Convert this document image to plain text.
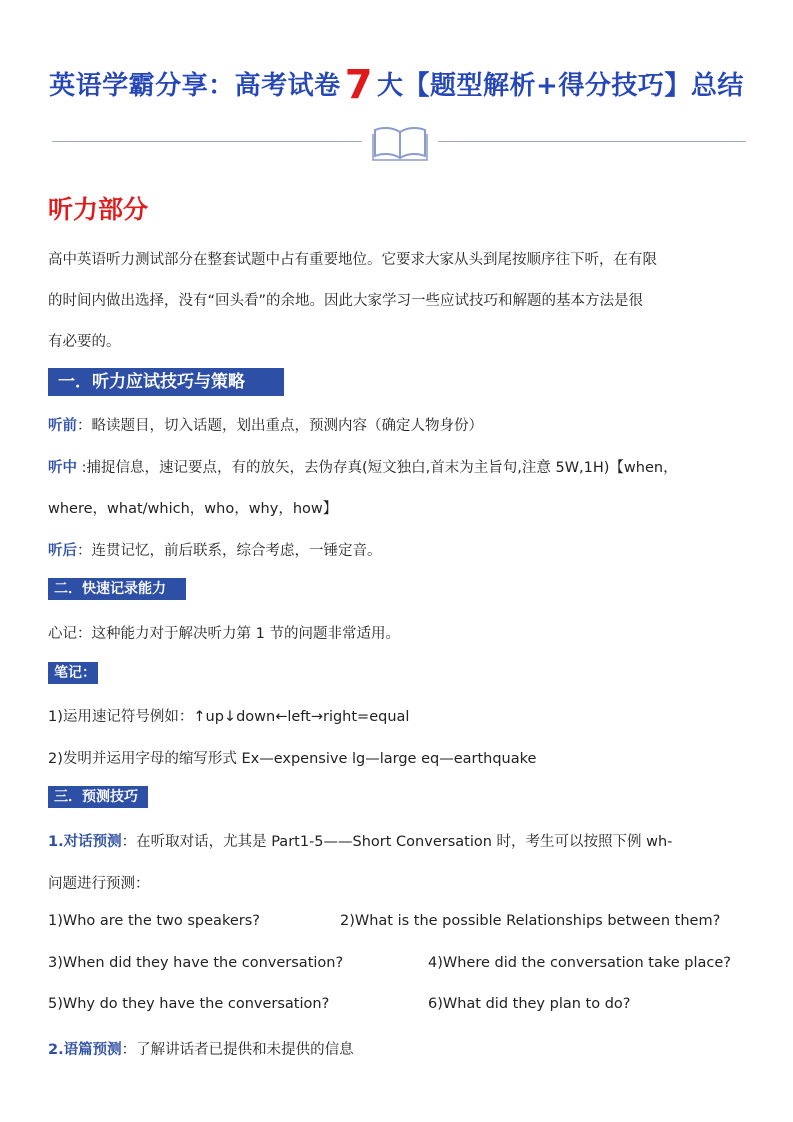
英语学霸分享：高考试卷 7 大【题型解析+得分技巧】总结
听力部分
高中英语听力测试部分在整套试题中占有重要地位。它要求大家从头到尾按顺序往下听，在有限
的时间内做出选择，没有“回头看”的余地。因此大家学习一些应试技巧和解题的基本方法是很
有必要的。
一．听力应试技巧与策略
听前：略读题目，切入话题，划出重点，预测内容（确定人物身份）
听中 :捕捉信息，速记要点，有的放矢，去伪存真(短文独白,首末为主旨句,注意 5W,1H)【when，
where，what/which，who，why，how】
听后：连贯记忆，前后联系，综合考虑，一锤定音。
二．快速记录能力
心记：这种能力对于解决听力第 1 节的问题非常适用。
笔记：
1)运用速记符号例如：↑up↓down←left→right=equal
2)发明并运用字母的缩写形式 Ex—expensive lg—large eq—earthquake
三．预测技巧
1.对话预测：在听取对话，尤其是 Part1-5——Short Conversation 时，考生可以按照下例 wh-
问题进行预测：
1)Who are the two speakers?	2)What is the possible Relationships between them?
3)When did they have the conversation?	4)Where did the conversation take place?
5)Why do they have the conversation?	6)What did they plan to do?
2.语篇预测：了解讲话者已提供和未提供的信息
